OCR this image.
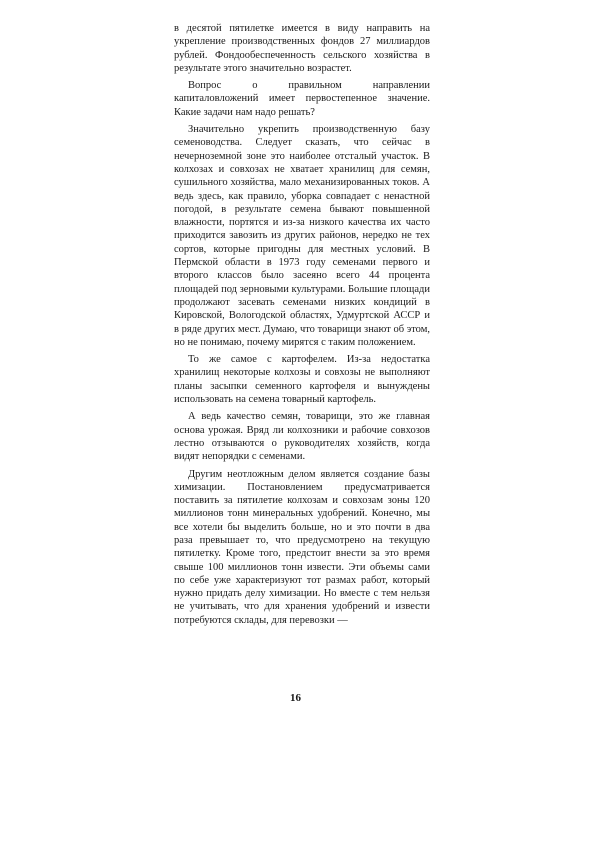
в десятой пятилетке имеется в виду направить на укрепление производственных фондов 27 миллиардов рублей. Фондообеспеченность сельского хозяйства в результате этого значительно возрастет.

Вопрос о правильном направлении капиталовложений имеет первостепенное значение. Какие задачи нам надо решать?

Значительно укрепить производственную базу семеноводства. Следует сказать, что сейчас в нечерноземной зоне это наиболее отсталый участок. В колхозах и совхозах не хватает хранилищ для семян, сушильного хозяйства, мало механизированных токов. А ведь здесь, как правило, уборка совпадает с ненастной погодой, в результате семена бывают повышенной влажности, портятся и из-за низкого качества их часто приходится завозить из других районов, нередко не тех сортов, которые пригодны для местных условий. В Пермской области в 1973 году семенами первого и второго классов было засеяно всего 44 процента площадей под зерновыми культурами. Большие площади продолжают засевать семенами низких кондиций в Кировской, Вологодской областях, Удмуртской АССР и в ряде других мест. Думаю, что товарищи знают об этом, но не понимаю, почему мирятся с таким положением.

То же самое с картофелем. Из-за недостатка хранилищ некоторые колхозы и совхозы не выполняют планы засыпки семенного картофеля и вынуждены использовать на семена товарный картофель.

А ведь качество семян, товарищи, это же главная основа урожая. Вряд ли колхозники и рабочие совхозов лестно отзываются о руководителях хозяйств, когда видят непорядки с семенами.

Другим неотложным делом является создание базы химизации. Постановлением предусматривается поставить за пятилетие колхозам и совхозам зоны 120 миллионов тонн минеральных удобрений. Конечно, мы все хотели бы выделить больше, но и это почти в два раза превышает то, что предусмотрено на текущую пятилетку. Кроме того, предстоит внести за это время свыше 100 миллионов тонн извести. Эти объемы сами по себе уже характеризуют тот размах работ, который нужно придать делу химизации. Но вместе с тем нельзя не учитывать, что для хранения удобрений и извести потребуются склады, для перевозки —

16
